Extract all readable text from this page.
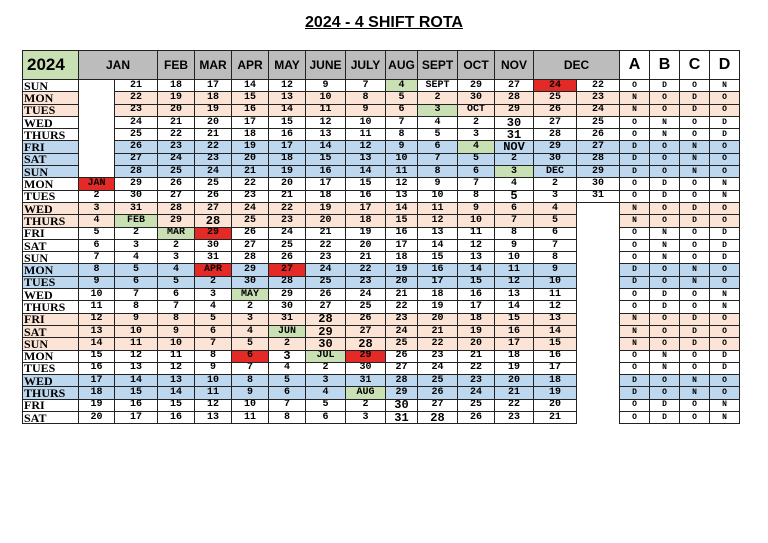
2024 - 4 SHIFT ROTA
2024	JAN		FEB	MAR	APR	MAY	JUNE	JULY	AUG	SEPT	OCT	NOV	DEC		A	B	C	D
SUN		21	18	17	14	12	9	7	4	SEPT	29	27	24	22	O	D	O	N
MON		22	19	18	15	13	10	8	5	2	30	28	25	23	N	O	D	O
TUES		23	20	19	16	14	11	9	6	3	OCT	29	26	24	N	O	D	O
WED		24	21	20	17	15	12	10	7	4	2	30	27	25	O	N	O	D
THURS		25	22	21	18	16	13	11	8	5	3	31	28	26	O	N	O	D
FRI		26	23	22	19	17	14	12	9	6	4	NOV	29	27	D	O	N	O
SAT		27	24	23	20	18	15	13	10	7	5	2	30	28	D	O	N	O
SUN		28	25	24	21	19	16	14	11	8	6	3	DEC	29	D	O	N	O
MON	JAN	29	26	25	22	20	17	15	12	9	7	4	2	30	O	D	O	N
TUES	2	30	27	26	23	21	18	16	13	10	8	5	3	31	O	D	O	N
WED	3	31	28	27	24	22	19	17	14	11	9	6	4		N	O	D	O
THURS	4	FEB	29	28	25	23	20	18	15	12	10	7	5		N	O	D	O
FRI	5	2	MAR	29	26	24	21	19	16	13	11	8	6		O	N	O	D
SAT	6	3	2	30	27	25	22	20	17	14	12	9	7		O	N	O	D
SUN	7	4	3	31	28	26	23	21	18	15	13	10	8		O	N	O	D
MON	8	5	4	APR	29	27	24	22	19	16	14	11	9		D	O	N	O
TUES	9	6	5	2	30	28	25	23	20	17	15	12	10		D	O	N	O
WED	10	7	6	3	MAY	29	26	24	21	18	16	13	11		O	D	O	N
THURS	11	8	7	4	2	30	27	25	22	19	17	14	12		O	D	O	N
FRI	12	9	8	5	3	31	28	26	23	20	18	15	13		N	O	D	O
SAT	13	10	9	6	4	JUN	29	27	24	21	19	16	14		N	O	D	O
SUN	14	11	10	7	5	2	30	28	25	22	20	17	15		N	O	D	O
MON	15	12	11	8	6	3	JUL	29	26	23	21	18	16		O	N	O	D
TUES	16	13	12	9	7	4	2	30	27	24	22	19	17		O	N	O	D
WED	17	14	13	10	8	5	3	31	28	25	23	20	18		D	O	N	O
THURS	18	15	14	11	9	6	4	AUG	29	26	24	21	19		D	O	N	O
FRI	19	16	15	12	10	7	5	2	30	27	25	22	20		O	D	O	N
SAT	20	17	16	13	11	8	6	3	31	28	26	23	21		O	D	O	N
